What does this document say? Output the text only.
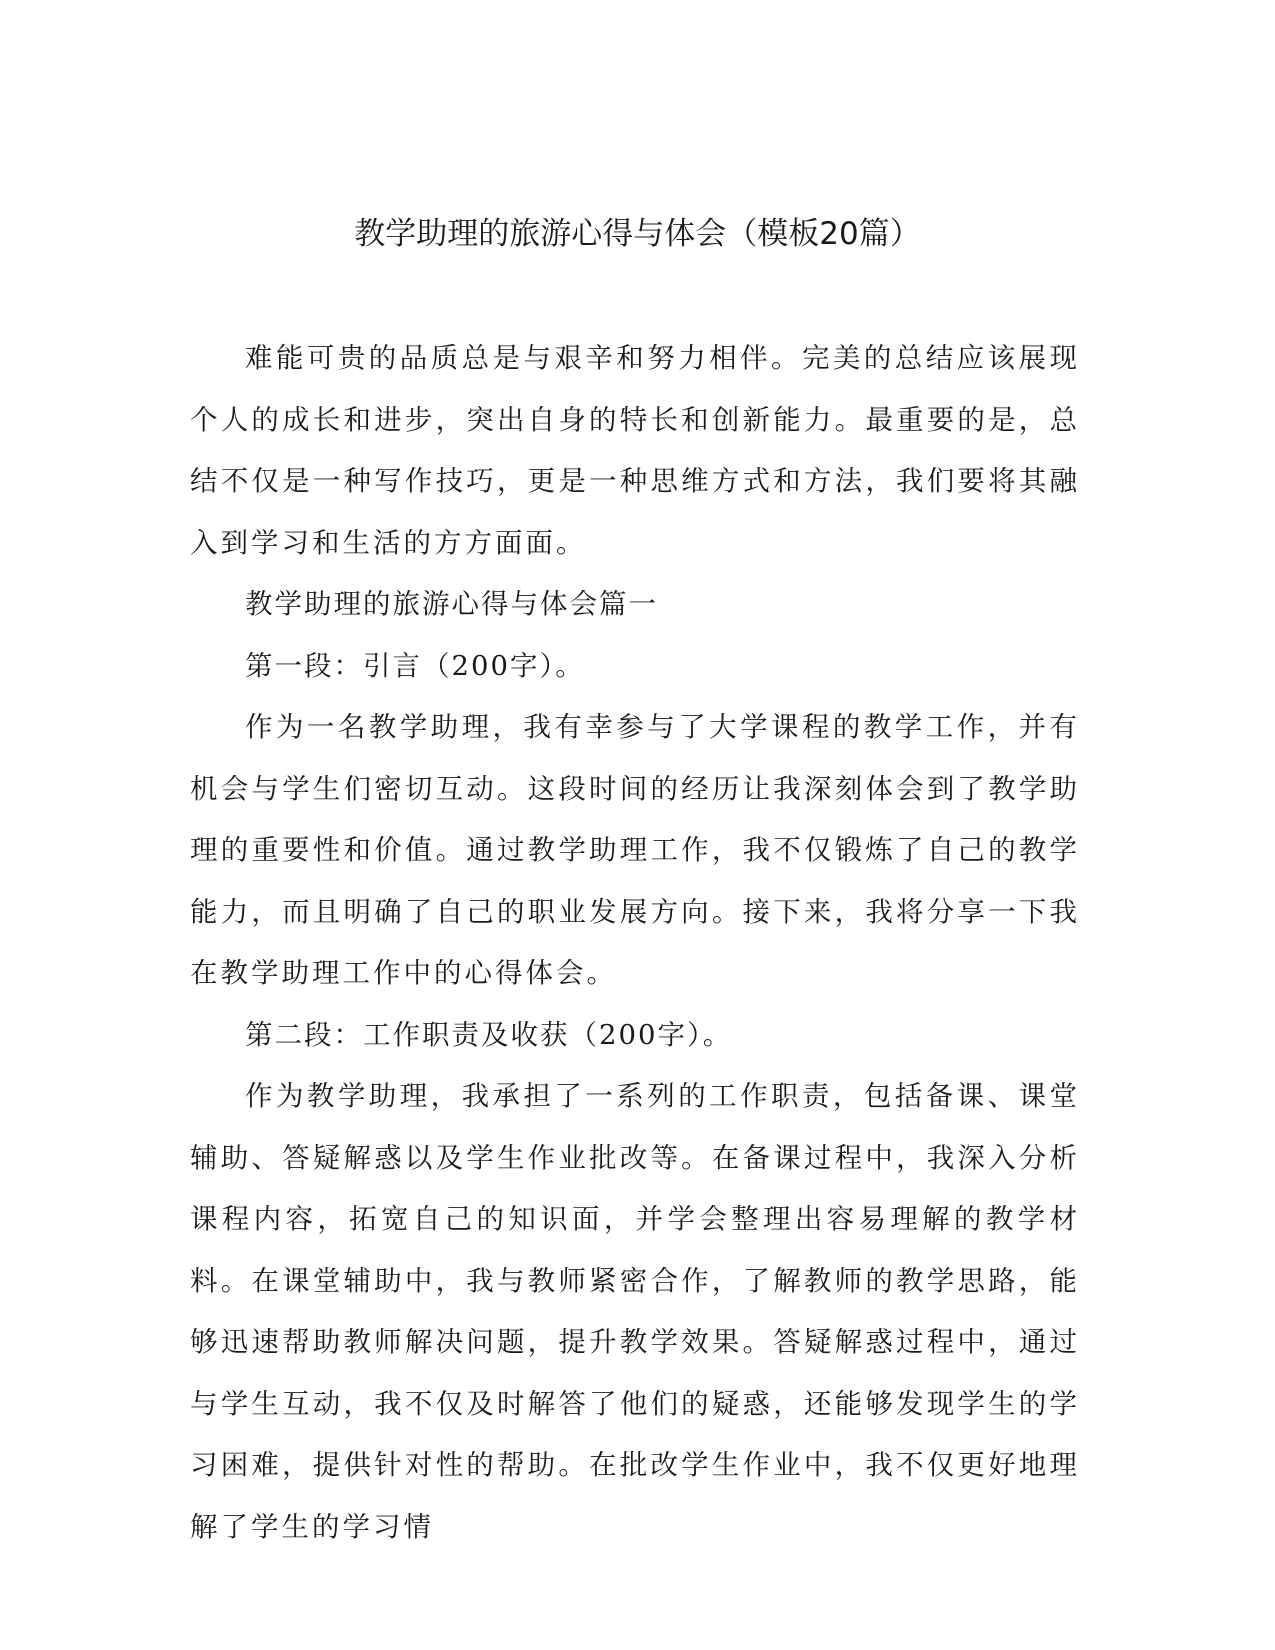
教学助理的旅游心得与体会（模板20篇）

难能可贵的品质总是与艰辛和努力相伴。完美的总结应该展现个人的成长和进步，突出自身的特长和创新能力。最重要的是，总结不仅是一种写作技巧，更是一种思维方式和方法，我们要将其融入到学习和生活的方方面面。

教学助理的旅游心得与体会篇一

第一段：引言（200字）。

作为一名教学助理，我有幸参与了大学课程的教学工作，并有机会与学生们密切互动。这段时间的经历让我深刻体会到了教学助理的重要性和价值。通过教学助理工作，我不仅锻炼了自己的教学能力，而且明确了自己的职业发展方向。接下来，我将分享一下我在教学助理工作中的心得体会。

第二段：工作职责及收获（200字）。

作为教学助理，我承担了一系列的工作职责，包括备课、课堂辅助、答疑解惑以及学生作业批改等。在备课过程中，我深入分析课程内容，拓宽自己的知识面，并学会整理出容易理解的教学材料。在课堂辅助中，我与教师紧密合作，了解教师的教学思路，能够迅速帮助教师解决问题，提升教学效果。答疑解惑过程中，通过与学生互动，我不仅及时解答了他们的疑惑，还能够发现学生的学习困难，提供针对性的帮助。在批改学生作业中，我不仅更好地理解了学生的学习情
